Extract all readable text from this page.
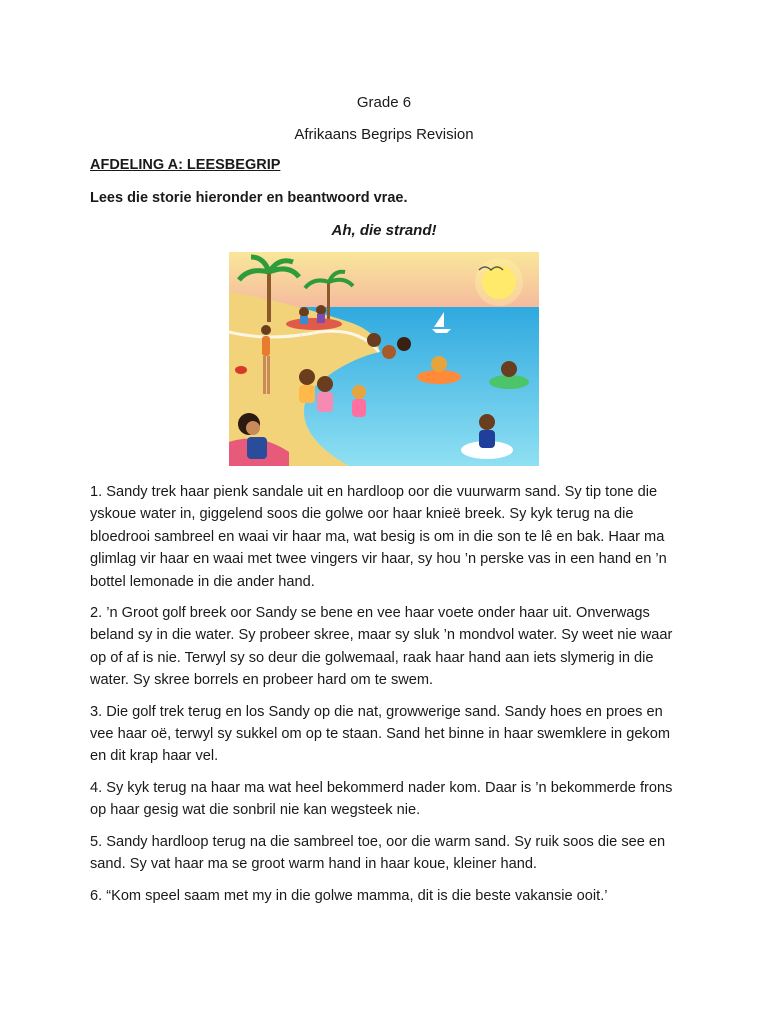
Grade 6
Afrikaans Begrips Revision
AFDELING A: LEESBEGRIP
Lees die storie hieronder en beantwoord vrae.
Ah, die strand!

1. Sandy trek haar pienk sandale uit en hardloop oor die vuurwarm sand. Sy tip tone die yskoue water in, giggelend soos die golwe oor haar knieë breek. Sy kyk terug na die bloedrooi sambreel en waai vir haar ma, wat besig is om in die son te lê en bak. Haar ma glimlag vir haar en waai met twee vingers vir haar, sy hou ’n perske vas in een hand en ’n bottel lemonade in die ander hand.

2. ’n Groot golf breek oor Sandy se bene en vee haar voete onder haar uit. Onverwags beland sy in die water. Sy probeer skree, maar sy sluk ’n mondvol water. Sy weet nie waar op of af is nie. Terwyl sy so deur die golwemaal, raak haar hand aan iets slymerig in die water. Sy skree borrels en probeer hard om te swem.

3. Die golf trek terug en los Sandy op die nat, growwerige sand. Sandy hoes en proes en vee haar oë, terwyl sy sukkel om op te staan. Sand het binne in haar swemklere in gekom en dit krap haar vel.

4. Sy kyk terug na haar ma wat heel bekommerd nader kom. Daar is ’n bekommerde frons op haar gesig wat die sonbril nie kan wegsteek nie.

5. Sandy hardloop terug na die sambreel toe, oor die warm sand. Sy ruik soos die see en sand. Sy vat haar ma se groot warm hand in haar koue, kleiner hand.

6. “Kom speel saam met my in die golwe mamma, dit is die beste vakansie ooit.’
